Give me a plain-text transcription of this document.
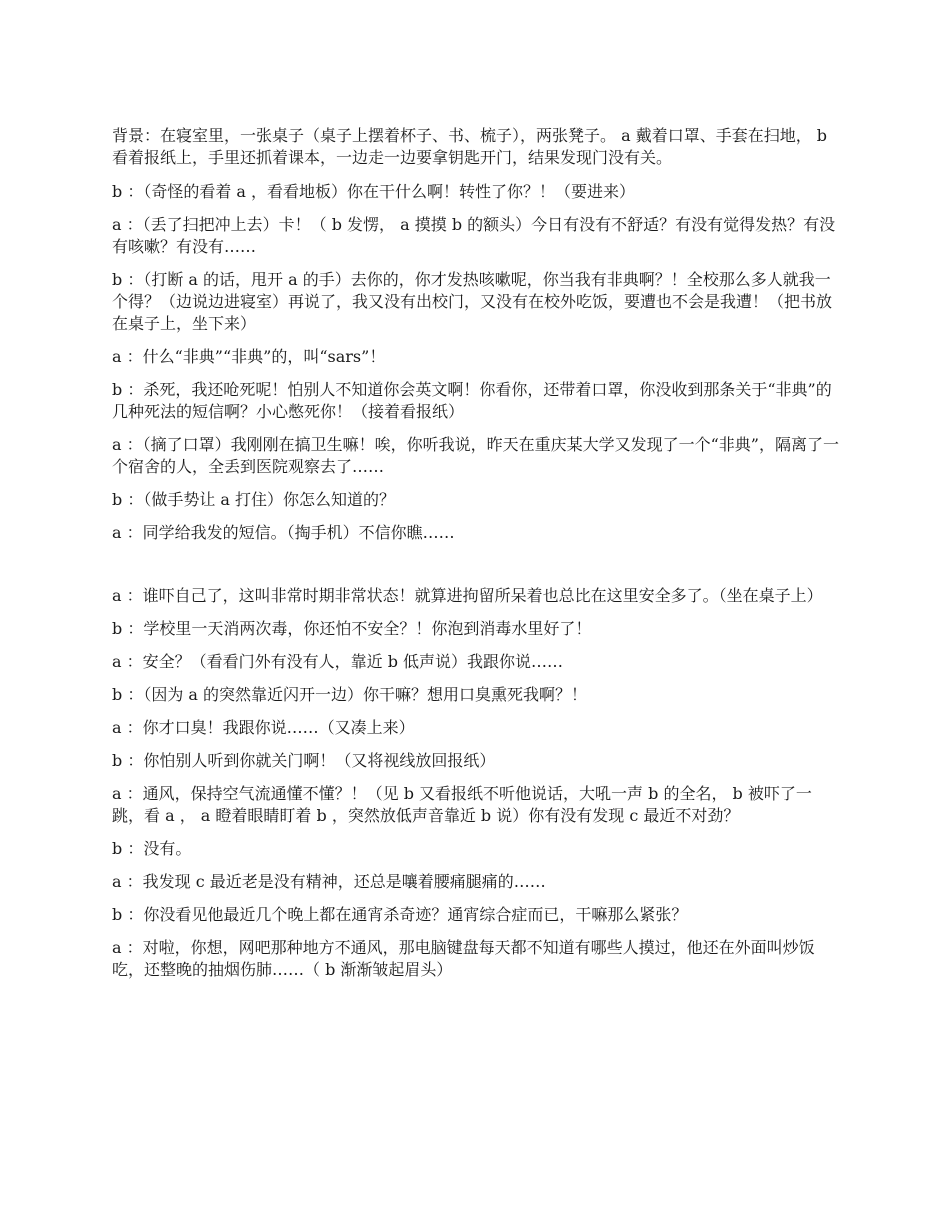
背景：在寝室里，一张桌子（桌子上摆着杯子、书、梳子），两张凳子。 a 戴着口罩、手套在扫地， b 看着报纸上，手里还抓着课本，一边走一边要拿钥匙开门，结果发现门没有关。

b ：（奇怪的看着 a ，看看地板）你在干什么啊！转性了你？！（要进来）

a ：（丢了扫把冲上去）卡！（ b 发愣， a 摸摸 b 的额头）今日有没有不舒适？有没有觉得发热？有没有咳嗽？有没有……

b ：（打断 a 的话，甩开 a 的手）去你的，你才发热咳嗽呢，你当我有非典啊？！全校那么多人就我一个得？（边说边进寝室）再说了，我又没有出校门，又没有在校外吃饭，要遭也不会是我遭！（把书放在桌子上，坐下来）

a ：什么“非典”“非典”的，叫“sars”！

b ：杀死，我还呛死呢！怕别人不知道你会英文啊！你看你，还带着口罩，你没收到那条关于“非典”的几种死法的短信啊？小心憋死你！（接着看报纸）

a ：（摘了口罩）我刚刚在搞卫生嘛！唉，你听我说，昨天在重庆某大学又发现了一个“非典”，隔离了一个宿舍的人，全丢到医院观察去了……

b ：（做手势让 a 打住）你怎么知道的？

a ：同学给我发的短信。（掏手机）不信你瞧……

a ：谁吓自己了，这叫非常时期非常状态！就算进拘留所呆着也总比在这里安全多了。（坐在桌子上）

b ：学校里一天消两次毒，你还怕不安全？！你泡到消毒水里好了！

a ：安全？（看看门外有没有人，靠近 b 低声说）我跟你说……

b ：（因为 a 的突然靠近闪开一边）你干嘛？想用口臭熏死我啊？！

a ：你才口臭！我跟你说……（又凑上来）

b ：你怕别人听到你就关门啊！（又将视线放回报纸）

a ：通风，保持空气流通懂不懂？！（见 b 又看报纸不听他说话，大吼一声 b 的全名， b 被吓了一跳，看 a ， a 瞪着眼睛盯着 b ，突然放低声音靠近 b 说）你有没有发现 c 最近不对劲？

b ：没有。

a ：我发现 c 最近老是没有精神，还总是嚷着腰痛腿痛的……

b ：你没看见他最近几个晚上都在通宵杀奇迹？通宵综合症而已，干嘛那么紧张？

a ：对啦，你想，网吧那种地方不通风，那电脑键盘每天都不知道有哪些人摸过，他还在外面叫炒饭吃，还整晚的抽烟伤肺……（ b 渐渐皱起眉头）
